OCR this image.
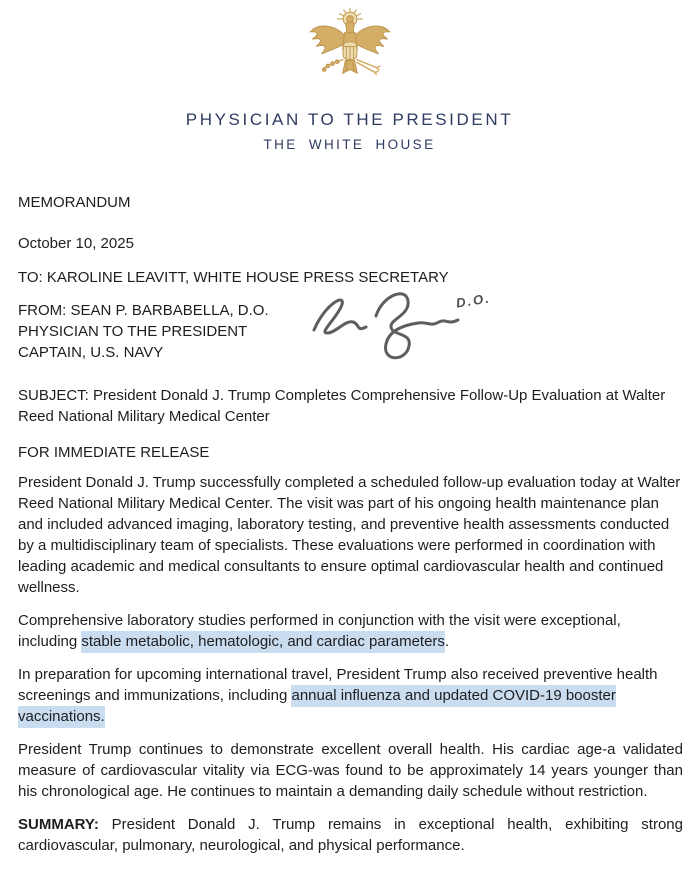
PHYSICIAN TO THE PRESIDENT
THE WHITE HOUSE

MEMORANDUM

October 10, 2025

TO: KAROLINE LEAVITT, WHITE HOUSE PRESS SECRETARY

FROM: SEAN P. BARBABELLA, D.O.

PHYSICIAN TO THE PRESIDENT

CAPTAIN, U.S. NAVY

D.O.

SUBJECT: President Donald J. Trump Completes Comprehensive Follow-Up Evaluation at Walter Reed National Military Medical Center

FOR IMMEDIATE RELEASE

President Donald J. Trump successfully completed a scheduled follow-up evaluation today at Walter Reed National Military Medical Center. The visit was part of his ongoing health maintenance plan and included advanced imaging, laboratory testing, and preventive health assessments conducted by a multidisciplinary team of specialists. These evaluations were performed in coordination with leading academic and medical consultants to ensure optimal cardiovascular health and continued wellness.

Comprehensive laboratory studies performed in conjunction with the visit were exceptional, including stable metabolic, hematologic, and cardiac parameters.

In preparation for upcoming international travel, President Trump also received preventive health screenings and immunizations, including annual influenza and updated COVID-19 booster vaccinations.

President Trump continues to demonstrate excellent overall health. His cardiac age-a validated measure of cardiovascular vitality via ECG-was found to be approximately 14 years younger than his chronological age. He continues to maintain a demanding daily schedule without restriction.

SUMMARY: President Donald J. Trump remains in exceptional health, exhibiting strong cardiovascular, pulmonary, neurological, and physical performance.
